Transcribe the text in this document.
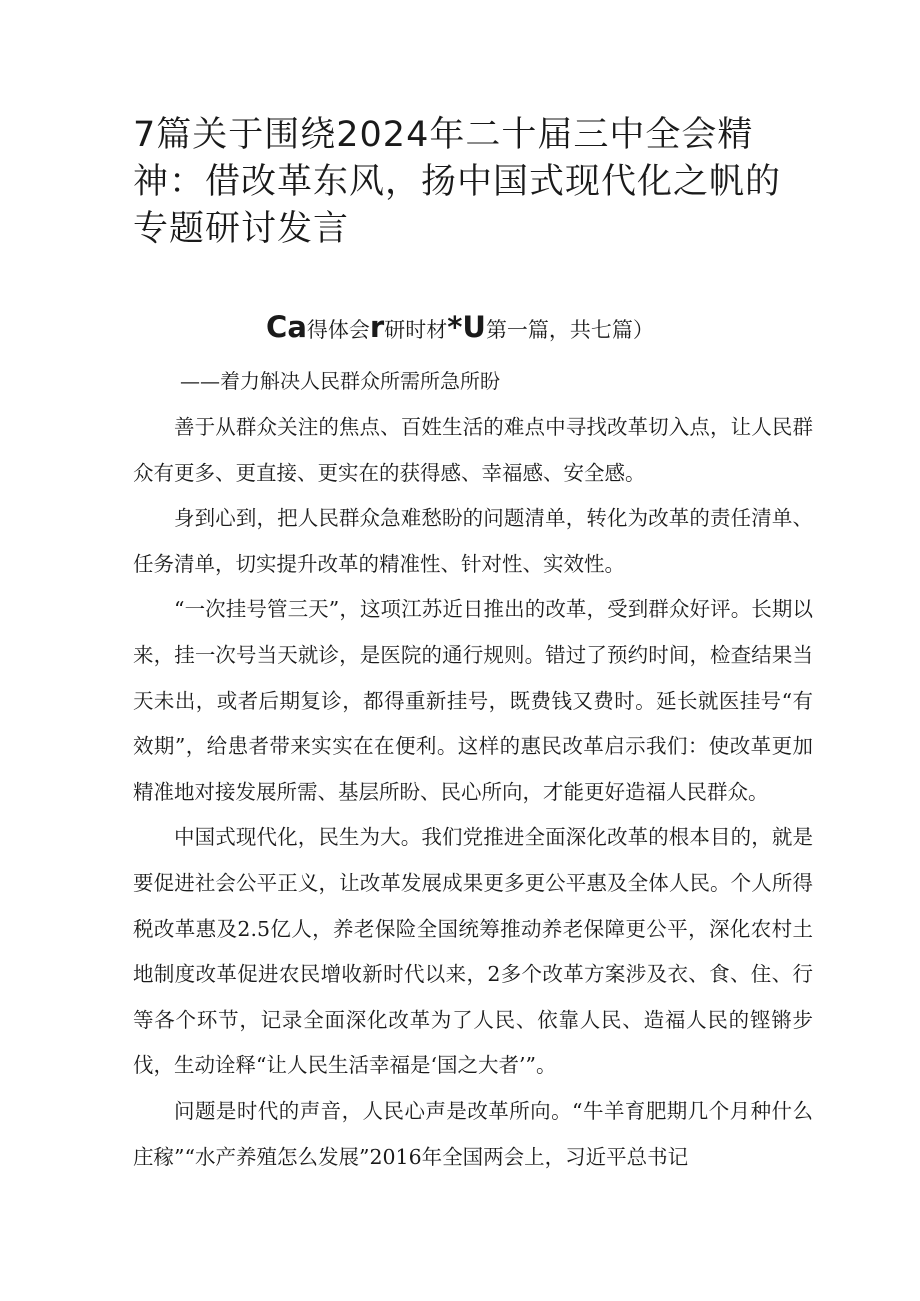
7篇关于围绕2024年二十届三中全会精神：借改革东风，扬中国式现代化之帆的专题研讨发言
Ca得体会r研时材*U第一篇，共七篇）
——着力斛决人民群众所需所急所盼

善于从群众关注的焦点、百姓生活的难点中寻找改革切入点，让人民群众有更多、更直接、更实在的获得感、幸福感、安全感。

身到心到，把人民群众急难愁盼的问题清单，转化为改革的责任清单、任务清单，切实提升改革的精准性、针对性、实效性。

“一次挂号管三天”，这项江苏近日推出的改革，受到群众好评。长期以来，挂一次号当天就诊，是医院的通行规则。错过了预约时间，检查结果当天未出，或者后期复诊，都得重新挂号，既费钱又费时。延长就医挂号“有效期”，给患者带来实实在在便利。这样的惠民改革启示我们：使改革更加精准地对接发展所需、基层所盼、民心所向，才能更好造福人民群众。

中国式现代化，民生为大。我们党推进全面深化改革的根本目的，就是要促进社会公平正义，让改革发展成果更多更公平惠及全体人民。个人所得税改革惠及2.5亿人，养老保险全国统筹推动养老保障更公平，深化农村土地制度改革促进农民增收新时代以来，2多个改革方案涉及衣、食、住、行等各个环节，记录全面深化改革为了人民、依靠人民、造福人民的铿锵步伐，生动诠释“让人民生活幸福是‘国之大者’”。

问题是时代的声音，人民心声是改革所向。“牛羊育肥期几个月种什么庄稼”“水产养殖怎么发展”2016年全国两会上，习近平总书记
